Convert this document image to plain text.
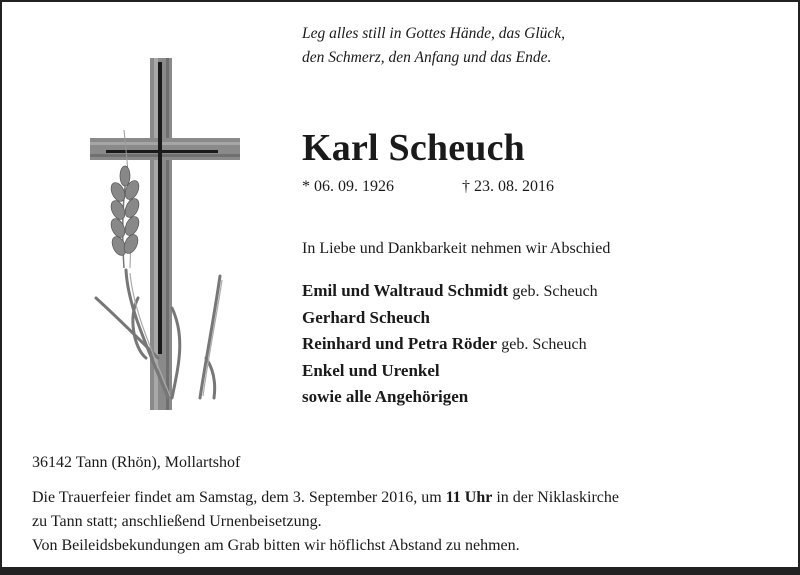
Leg alles still in Gottes Hände, das Glück,
den Schmerz, den Anfang und das Ende.
Karl Scheuch
* 06. 09. 1926	† 23. 08. 2016
In Liebe und Dankbarkeit nehmen wir Abschied
Emil und Waltraud Schmidt geb. Scheuch
Gerhard Scheuch
Reinhard und Petra Röder geb. Scheuch
Enkel und Urenkel
sowie alle Angehörigen
36142 Tann (Rhön), Mollartshof
Die Trauerfeier findet am Samstag, dem 3. September 2016, um 11 Uhr in der Niklaskirche
zu Tann statt; anschließend Urnenbeisetzung.
Von Beileidsbekundungen am Grab bitten wir höflichst Abstand zu nehmen.
